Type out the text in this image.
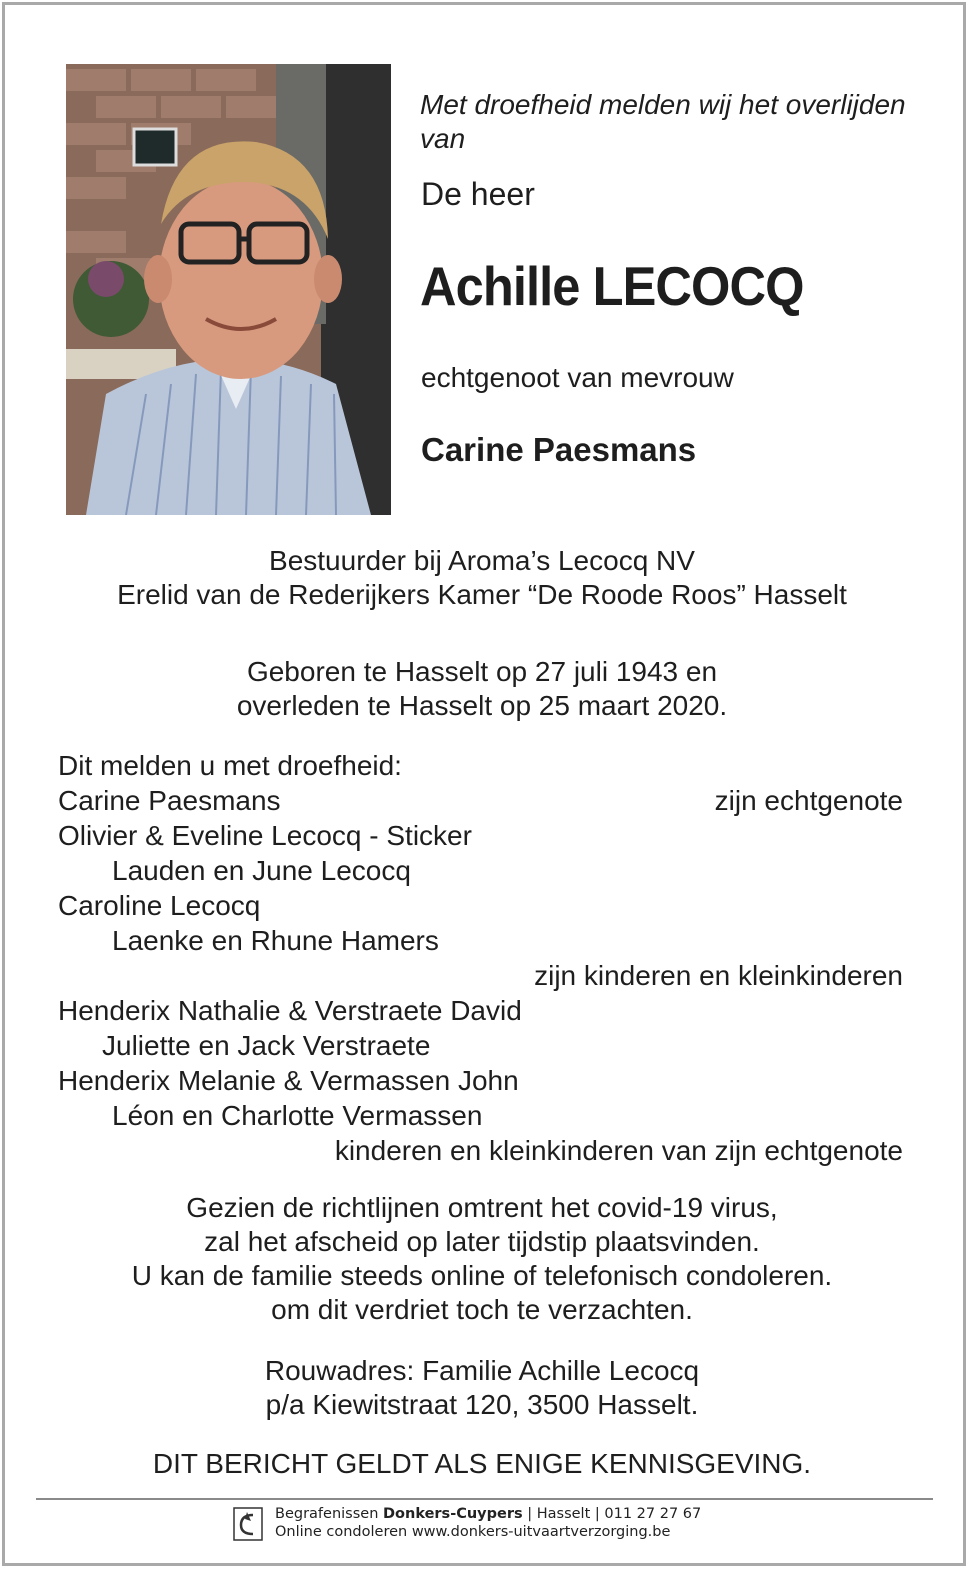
Met droefheid melden wij het overlijden van

De heer
Achille LECOCQ

echtgenoot van mevrouw

Carine Paesmans

Bestuurder bij Aroma’s Lecocq NV
Erelid van de Rederijkers Kamer “De Roode Roos” Hasselt
Geboren te Hasselt op 27 juli 1943 en
overleden te Hasselt op 25 maart 2020.
Dit melden u met droefheid:
Carine Paesmans	zijn echtgenote
Olivier & Eveline Lecocq - Sticker
Lauden en June Lecocq
Caroline Lecocq
Laenke en Rhune Hamers
zijn kinderen en kleinkinderen
Henderix Nathalie & Verstraete David
Juliette en Jack Verstraete
Henderix Melanie & Vermassen John
Léon en Charlotte Vermassen
kinderen en kleinkinderen van zijn echtgenote
Gezien de richtlijnen omtrent het covid-19 virus,
zal het afscheid op later tijdstip plaatsvinden.
U kan de familie steeds online of telefonisch condoleren.
om dit verdriet toch te verzachten.
Rouwadres: Familie Achille Lecocq
p/a Kiewitstraat 120, 3500 Hasselt.
DIT BERICHT GELDT ALS ENIGE KENNISGEVING.
Begrafenissen Donkers-Cuypers | Hasselt | 011 27 27 67
Online condoleren www.donkers-uitvaartverzorging.be
